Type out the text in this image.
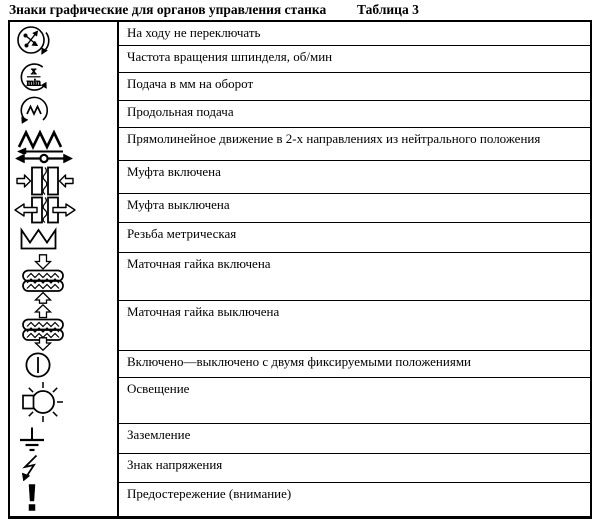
Знаки графические для органов управления станка Таблица 3
x
min
На ходу не переключать
Частота вращения шпинделя, об/мин
Подача в мм на оборот
Продольная подача
Прямолинейное движение в 2-х направлениях из нейтрального положения
Муфта включена
Муфта выключена
Резьба метрическая
Маточная гайка включена
Маточная гайка выключена
Включено—выключено с двумя фиксируемыми положениями
Освещение
Заземление
Знак напряжения
Предостережение (внимание)
